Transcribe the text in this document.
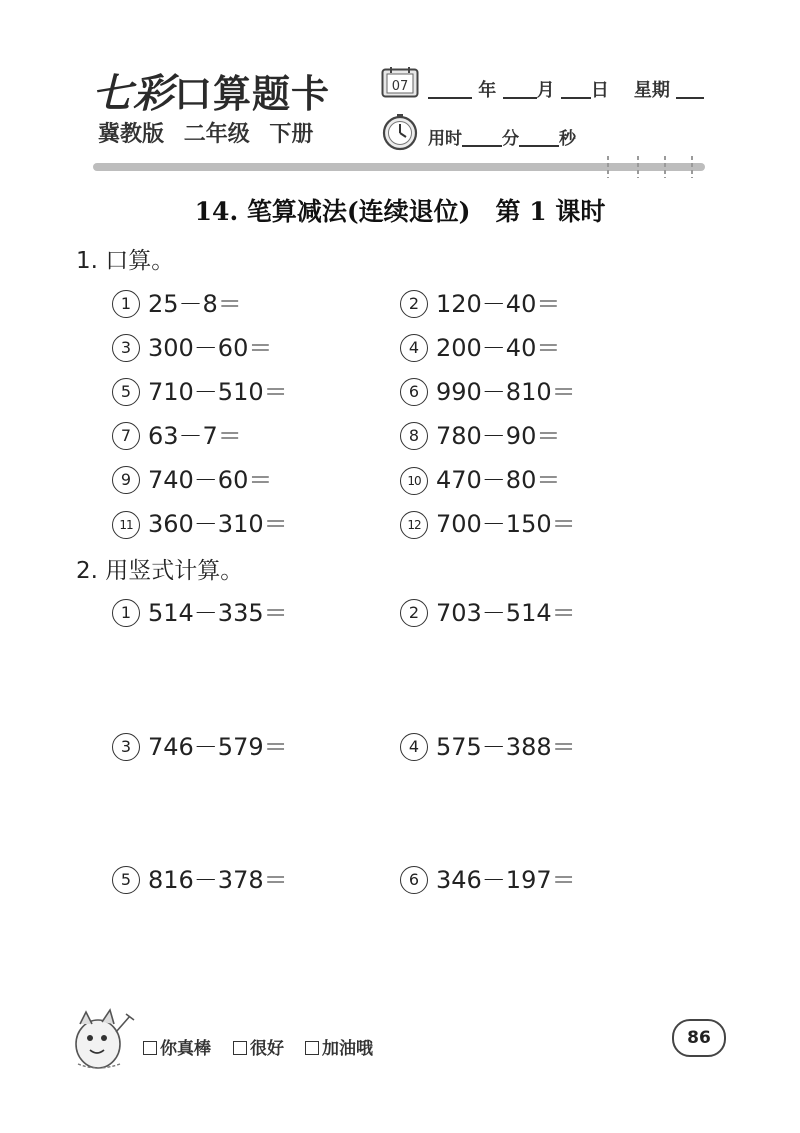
七彩口算题卡
冀教版 二年级 下册
07	年 月 日 星期
用时 分 秒
14. 笔算减法(连续退位)　第 1 课时
1. 口算。
1 25－8＝	2 120－40＝
3 300－60＝	4 200－40＝
5 710－510＝	6 990－810＝
7 63－7＝	8 780－90＝
9 740－60＝	10 470－80＝
11 360－310＝	12 700－150＝
2. 用竖式计算。
1 514－335＝	2 703－514＝
3 746－579＝	4 575－388＝
5 816－378＝	6 346－197＝
你真棒	很好	加油哦
86
